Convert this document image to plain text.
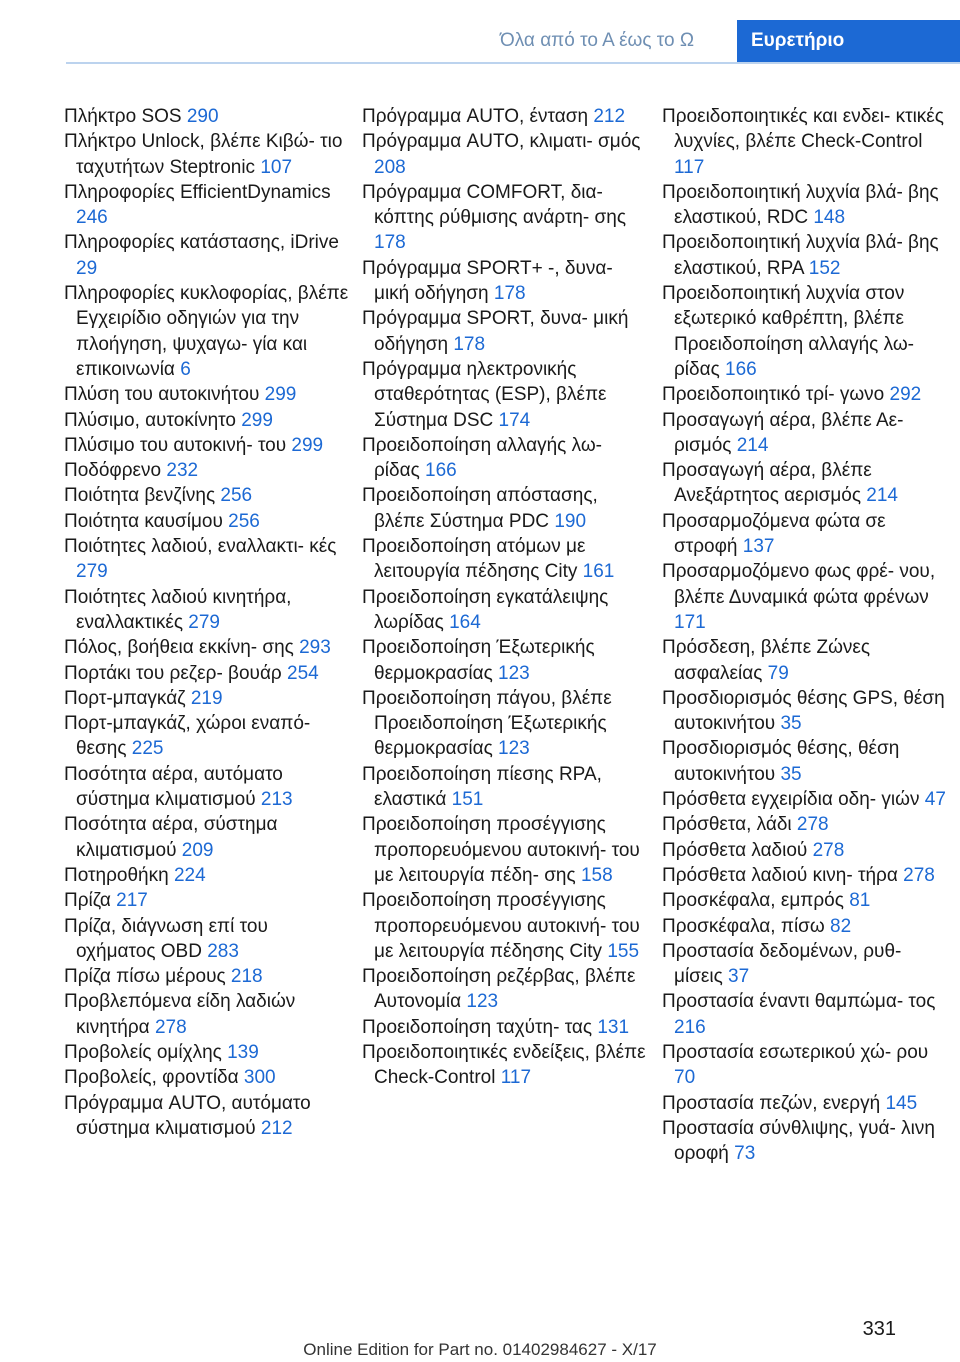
Όλα από το Α έως το Ω	Ευρετήριο
Πλήκτρο SOS 290
Πλήκτρο Unlock, βλέπε Κιβώ‐ τιο ταχυτήτων Steptronic 107
Πληροφορίες EfficientDynamics 246
Πληροφορίες κατάστασης, iDrive 29
Πληροφορίες κυκλοφορίας, βλέπε Εγχειρίδιο οδηγιών για την πλοήγηση, ψυχαγω‐ γία και επικοινωνία 6
Πλύση του αυτοκινήτου 299
Πλύσιμο, αυτοκίνητο 299
Πλύσιμο του αυτοκινή‐ του 299
Ποδόφρενο 232
Ποιότητα βενζίνης 256
Ποιότητα καυσίμου 256
Ποιότητες λαδιού, εναλλακτι‐ κές 279
Ποιότητες λαδιού κινητήρα, εναλλακτικές 279
Πόλος, βοήθεια εκκίνη‐ σης 293
Πορτάκι του ρεζερ‐ βουάρ 254
Πορτ-μπαγκάζ 219
Πορτ-μπαγκάζ, χώροι εναπό‐ θεσης 225
Ποσότητα αέρα, αυτόματο σύστημα κλιματισμού 213
Ποσότητα αέρα, σύστημα κλιματισμού 209
Ποτηροθήκη 224
Πρίζα 217
Πρίζα, διάγνωση επί του οχήματος OBD 283
Πρίζα πίσω μέρους 218
Προβλεπόμενα είδη λαδιών κινητήρα 278
Προβολείς ομίχλης 139
Προβολείς, φροντίδα 300
Πρόγραμμα AUTO, αυτόματο σύστημα κλιματισμού 212
Πρόγραμμα AUTO, ένταση 212
Πρόγραμμα AUTO, κλιματι‐ σμός 208
Πρόγραμμα COMFORT, δια‐ κόπτης ρύθμισης ανάρτη‐ σης 178
Πρόγραμμα SPORT+ -, δυνα‐ μική οδήγηση 178
Πρόγραμμα SPORT, δυνα‐ μική οδήγηση 178
Πρόγραμμα ηλεκτρονικής σταθερότητας (ESP), βλέπε Σύστημα DSC 174
Προειδοποίηση αλλαγής λω‐ ρίδας 166
Προειδοποίηση απόστασης, βλέπε Σύστημα PDC 190
Προειδοποίηση ατόμων με λειτουργία πέδησης City 161
Προειδοποίηση εγκατάλειψης λωρίδας 164
Προειδοποίηση Έξωτερικής θερμοκρασίας 123
Προειδοποίηση πάγου, βλέπε Προειδοποίηση Έξωτερικής θερμοκρασίας 123
Προειδοποίηση πίεσης RPA, ελαστικά 151
Προειδοποίηση προσέγγισης προπορευόμενου αυτοκινή‐ του με λειτουργία πέδη‐ σης 158
Προειδοποίηση προσέγγισης προπορευόμενου αυτοκινή‐ του με λειτουργία πέδησης City 155
Προειδοποίηση ρεζέρβας, βλέπε Αυτονομία 123
Προειδοποίηση ταχύτη‐ τας 131
Προειδοποιητικές ενδείξεις, βλέπε Check-Control 117
Προειδοποιητικές και ενδει‐ κτικές λυχνίες, βλέπε Check-Control 117
Προειδοποιητική λυχνία βλά‐ βης ελαστικού, RDC 148
Προειδοποιητική λυχνία βλά‐ βης ελαστικού, RPA 152
Προειδοποιητική λυχνία στον εξωτερικό καθρέπτη, βλέπε Προειδοποίηση αλλαγής λω‐ ρίδας 166
Προειδοποιητικό τρί‐ γωνο 292
Προσαγωγή αέρα, βλέπε Αε‐ ρισμός 214
Προσαγωγή αέρα, βλέπε Ανεξάρτητος αερισμός 214
Προσαρμοζόμενα φώτα σε στροφή 137
Προσαρμοζόμενο φως φρέ‐ νου, βλέπε Δυναμικά φώτα φρένων 171
Πρόσδεση, βλέπε Ζώνες ασφαλείας 79
Προσδιορισμός θέσης GPS, θέση αυτοκινήτου 35
Προσδιορισμός θέσης, θέση αυτοκινήτου 35
Πρόσθετα εγχειρίδια οδη‐ γιών 47
Πρόσθετα, λάδι 278
Πρόσθετα λαδιού 278
Πρόσθετα λαδιού κινη‐ τήρα 278
Προσκέφαλα, εμπρός 81
Προσκέφαλα, πίσω 82
Προστασία δεδομένων, ρυθ‐ μίσεις 37
Προστασία έναντι θαμπώμα‐ τος 216
Προστασία εσωτερικού χώ‐ ρου 70
Προστασία πεζών, ενεργή 145
Προστασία σύνθλιψης, γυά‐ λινη οροφή 73
331
Online Edition for Part no. 01402984627 - X/17
